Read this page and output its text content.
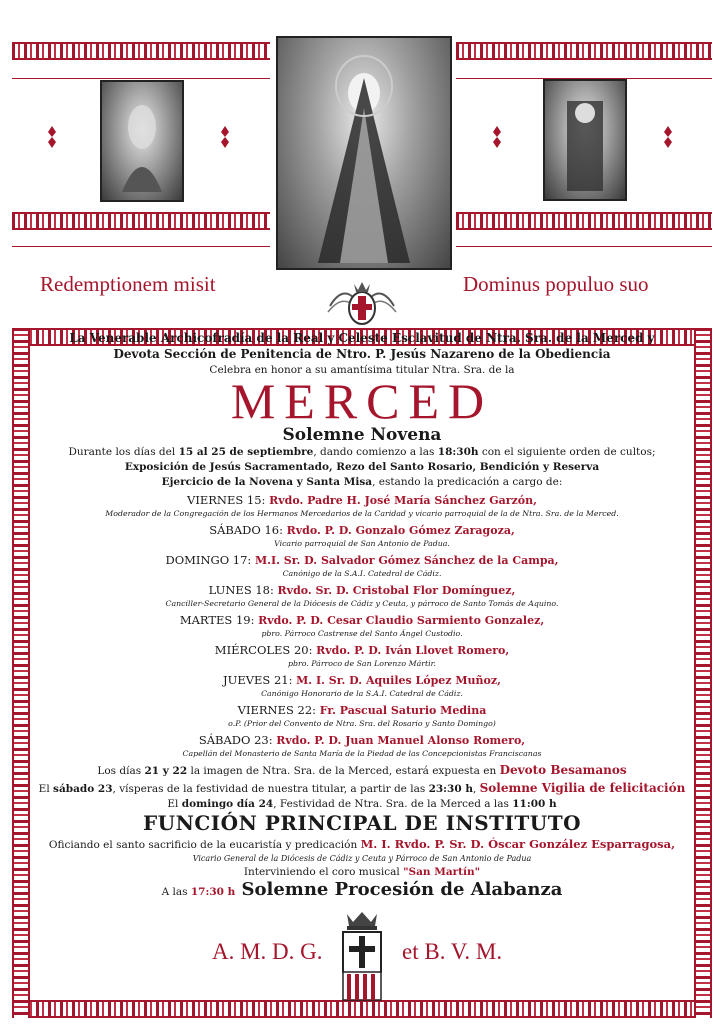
Redemptionem misit	Dominus populuo suo
La Venerable Archicofradía de la Real y Celeste Esclavitud de Ntra. Sra. de la Merced y
Devota Sección de Penitencia de Ntro. P. Jesús Nazareno de la Obediencia
Celebra en honor a su amantísima titular Ntra. Sra. de la
MERCED
Solemne Novena
Durante los días del 15 al 25 de septiembre, dando comienzo a las 18:30h con el siguiente orden de cultos;
Exposición de Jesús Sacramentado, Rezo del Santo Rosario, Bendición y Reserva
Ejercicio de la Novena y Santa Misa, estando la predicación a cargo de:
VIERNES 15: Rvdo. Padre H. José María Sánchez Garzón,
Moderador de la Congregación de los Hermanos Mercedarios de la Caridad y vicario parroquial de la de Ntra. Sra. de la Merced.
SÁBADO 16: Rvdo. P. D. Gonzalo Gómez Zaragoza,
Vicario parroquial de San Antonio de Padua.
DOMINGO 17: M.I. Sr. D. Salvador Gómez Sánchez de la Campa,
Canónigo de la S.A.I. Catedral de Cádiz.
LUNES 18: Rvdo. Sr. D. Cristobal Flor Domínguez,
Canciller-Secretario General de la Diócesis de Cádiz y Ceuta, y párroco de Santo Tomás de Aquino.
MARTES 19: Rvdo. P. D. Cesar Claudio Sarmiento Gonzalez,
pbro. Párroco Castrense del Santo Ángel Custodio.
MIÉRCOLES 20: Rvdo. P. D. Iván Llovet Romero,
pbro. Párroco de San Lorenzo Mártir.
JUEVES 21: M. I. Sr. D. Aquiles López Muñoz,
Canónigo Honorario de la S.A.I. Catedral de Cádiz.
VIERNES 22: Fr. Pascual Saturio Medina
o.P. (Prior del Convento de Ntra. Sra. del Rosario y Santo Domingo)
SÁBADO 23: Rvdo. P. D. Juan Manuel Alonso Romero,
Capellán del Monasterio de Santa María de la Piedad de las Concepcionistas Franciscanas
Los días 21 y 22 la imagen de Ntra. Sra. de la Merced, estará expuesta en Devoto Besamanos
El sábado 23, vísperas de la festividad de nuestra titular, a partir de las 23:30 h, Solemne Vigilia de felicitación
El domingo día 24, Festividad de Ntra. Sra. de la Merced a las 11:00 h
FUNCIÓN PRINCIPAL DE INSTITUTO
Oficiando el santo sacrificio de la eucaristía y predicación M. I. Rvdo. P. Sr. D. Óscar González Esparragosa,
Vicario General de la Diócesis de Cádiz y Ceuta y Párroco de San Antonio de Padua
Interviniendo el coro musical "San Martín"
A las 17:30 h Solemne Procesión de Alabanza
A. M. D. G.	et B. V. M.
